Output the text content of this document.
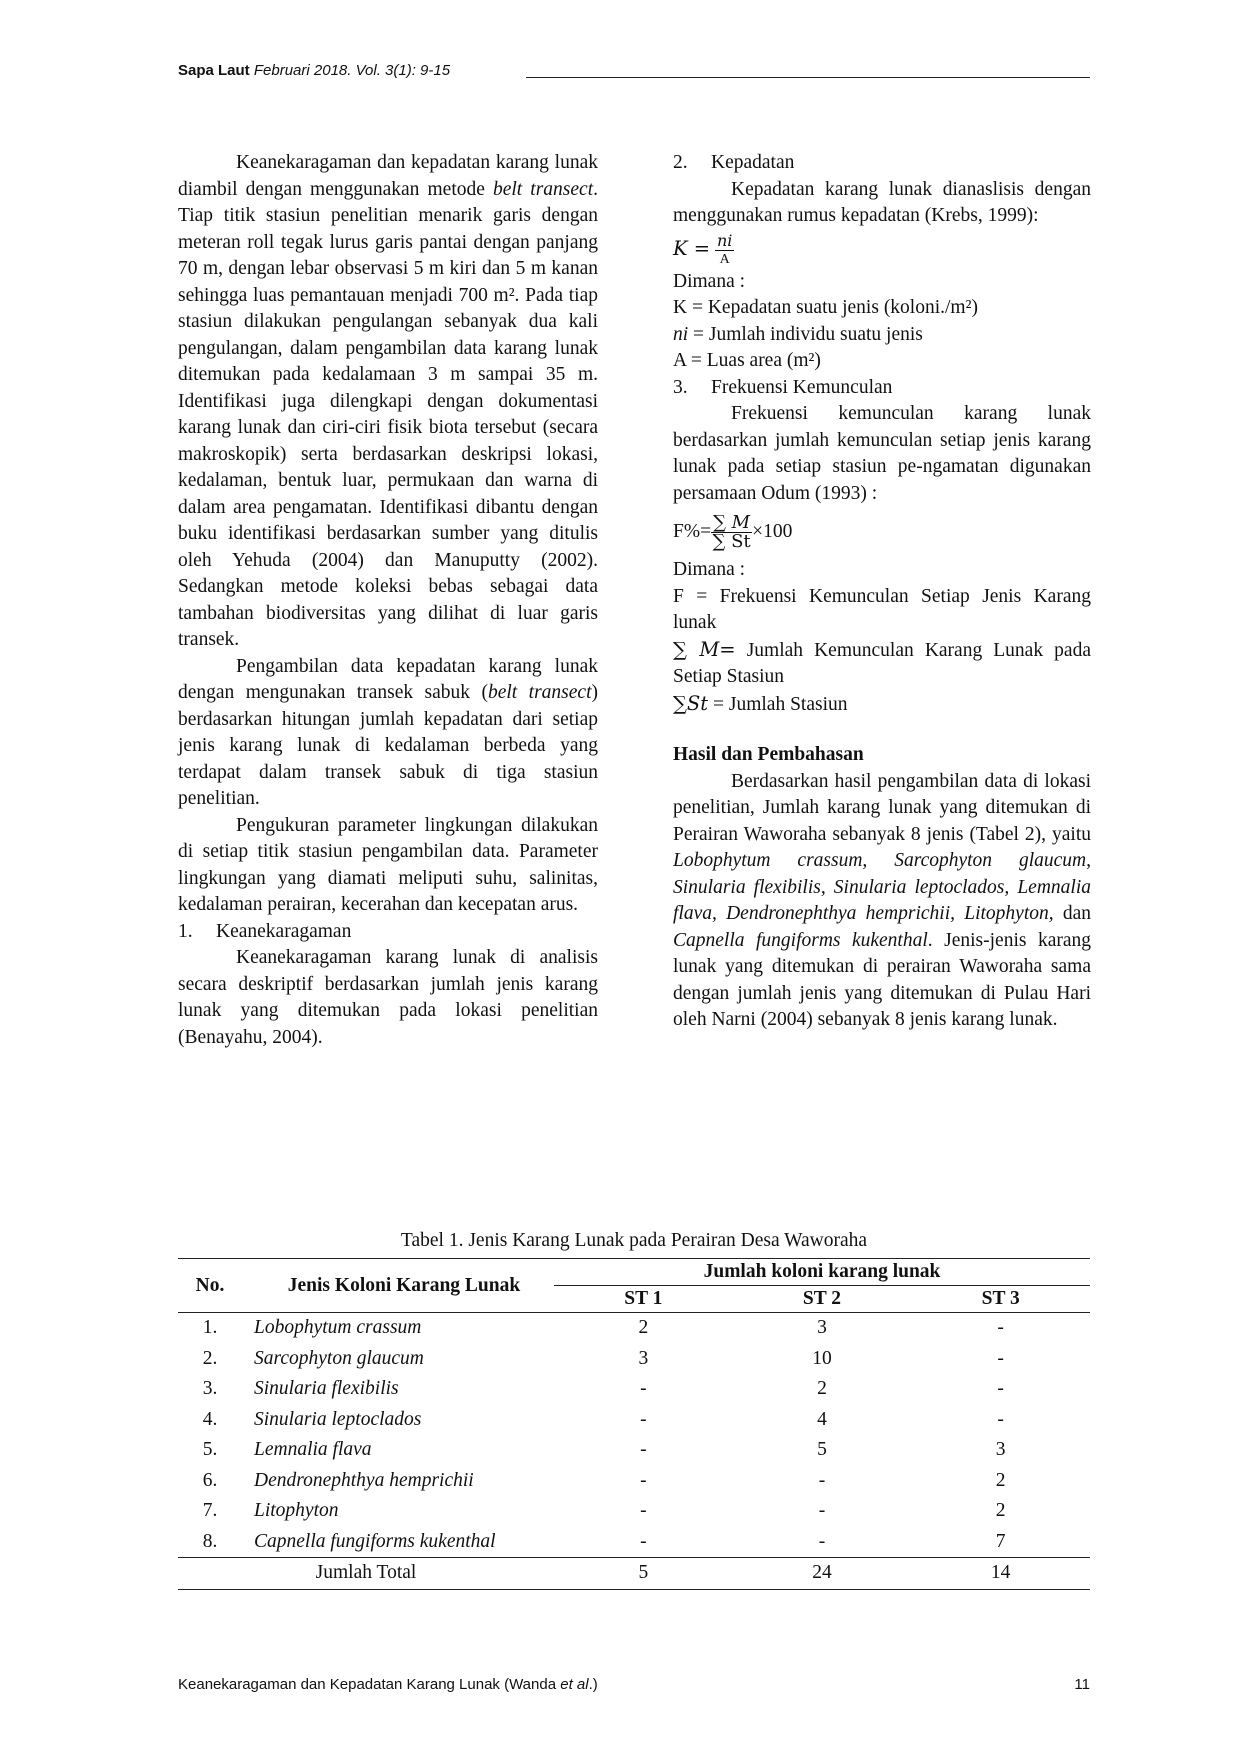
Sapa Laut Februari 2018. Vol. 3(1): 9-15

Keanekaragaman dan kepadatan karang lunak diambil dengan menggunakan metode belt transect. Tiap titik stasiun penelitian menarik garis dengan meteran roll tegak lurus garis pantai dengan panjang 70 m, dengan lebar observasi 5 m kiri dan 5 m kanan sehingga luas pemantauan menjadi 700 m². Pada tiap stasiun dilakukan pengulangan sebanyak dua kali pengulangan, dalam pengambilan data karang lunak ditemukan pada kedalamaan 3 m sampai 35 m. Identifikasi juga dilengkapi dengan dokumentasi karang lunak dan ciri-ciri fisik biota tersebut (secara makroskopik) serta berdasarkan deskripsi lokasi, kedalaman, bentuk luar, permukaan dan warna di dalam area pengamatan. Identifikasi dibantu dengan buku identifikasi berdasarkan sumber yang ditulis oleh Yehuda (2004) dan Manuputty (2002). Sedangkan metode koleksi bebas sebagai data tambahan biodiversitas yang dilihat di luar garis transek.

Pengambilan data kepadatan karang lunak dengan mengunakan transek sabuk (belt transect) berdasarkan hitungan jumlah kepadatan dari setiap jenis karang lunak di kedalaman berbeda yang terdapat dalam transek sabuk di tiga stasiun penelitian.

Pengukuran parameter lingkungan dilakukan di setiap titik stasiun pengambilan data. Parameter lingkungan yang diamati meliputi suhu, salinitas, kedalaman perairan, kecerahan dan kecepatan arus.

1. Keanekaragaman

Keanekaragaman karang lunak di analisis secara deskriptif berdasarkan jumlah jenis karang lunak yang ditemukan pada lokasi penelitian (Benayahu, 2004).

2. Kepadatan

Kepadatan karang lunak dianaslisis dengan menggunakan rumus kepadatan (Krebs, 1999):

$K = \frac{ni}{A}$

Dimana :

K = Kepadatan suatu jenis (koloni./m²)

ni = Jumlah individu suatu jenis

A = Luas area (m²)

3. Frekuensi Kemunculan

Frekuensi kemunculan karang lunak berdasarkan jumlah kemunculan setiap jenis karang lunak pada setiap stasiun pe-ngamatan digunakan persamaan Odum (1993) :

$F\%= \frac{\sum M}{\sum St} \times 100$

Dimana :

F = Frekuensi Kemunculan Setiap Jenis Karang lunak

∑ M= Jumlah Kemunculan Karang Lunak pada Setiap Stasiun

∑St = Jumlah Stasiun

Hasil dan Pembahasan

Berdasarkan hasil pengambilan data di lokasi penelitian, Jumlah karang lunak yang ditemukan di Perairan Waworaha sebanyak 8 jenis (Tabel 2), yaitu Lobophytum crassum, Sarcophyton glaucum, Sinularia flexibilis, Sinularia leptoclados, Lemnalia flava, Dendronephthya hemprichii, Litophyton, dan Capnella fungiforms kukenthal. Jenis-jenis karang lunak yang ditemukan di perairan Waworaha sama dengan jumlah jenis yang ditemukan di Pulau Hari oleh Narni (2004) sebanyak 8 jenis karang lunak.

Tabel 1. Jenis Karang Lunak pada Perairan Desa Waworaha
No.	Jenis Koloni Karang Lunak	Jumlah koloni karang lunak		
		ST 1	ST 2	ST 3
1.	Lobophytum crassum	2	3	-
2.	Sarcophyton glaucum	3	10	-
3.	Sinularia flexibilis	-	2	-
4.	Sinularia leptoclados	-	4	-
5.	Lemnalia flava	-	5	3
6.	Dendronephthya hemprichii	-	-	2
7.	Litophyton	-	-	2
8.	Capnella fungiforms kukenthal	-	-	7
Jumlah Total		5	24	14
Keanekaragaman dan Kepadatan Karang Lunak (Wanda et al.)	11
